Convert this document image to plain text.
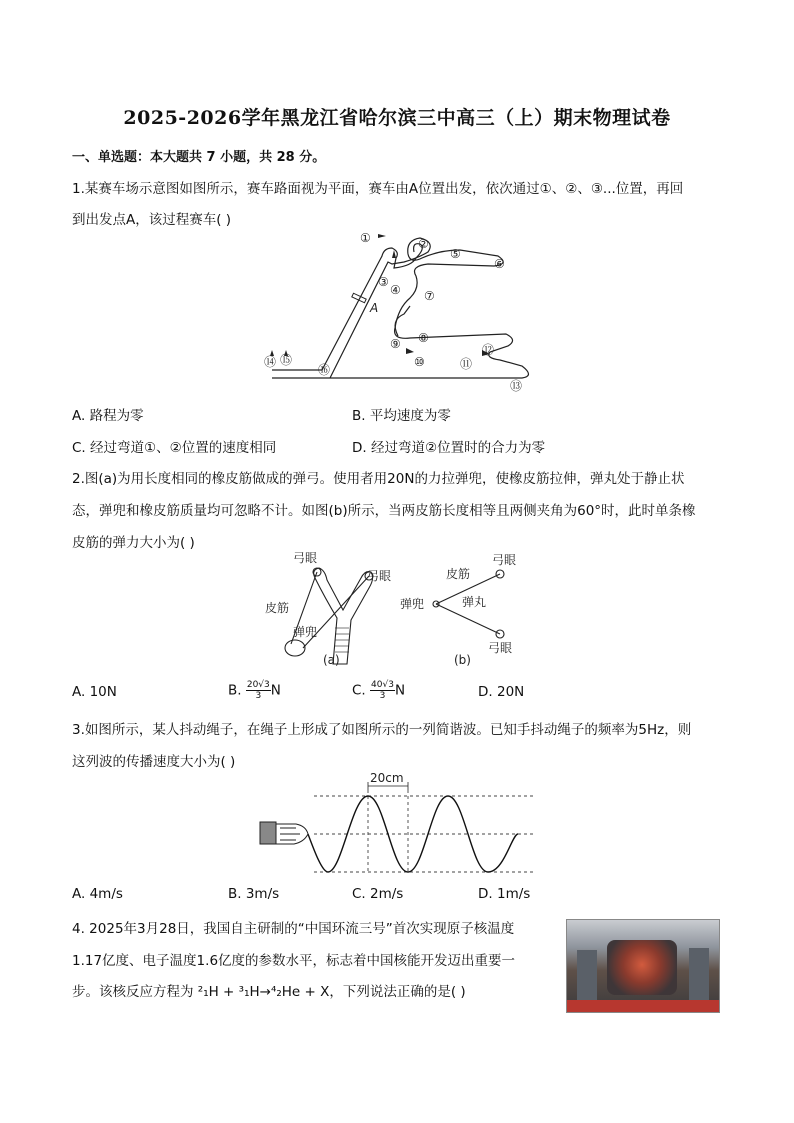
2025-2026学年黑龙江省哈尔滨三中高三（上）期末物理试卷
一、单选题：本大题共 7 小题，共 28 分。
1.某赛车场示意图如图所示，赛车路面视为平面，赛车由A位置出发，依次通过①、②、③...位置，再回
到出发点A，该过程赛车( )
①	②
③
④
⑤
⑥
⑦
⑧
⑨
⑩	⑪
⑫
⑬
⑭ ⑮
⑯
A
A. 路程为零	B. 平均速度为零
C. 经过弯道①、②位置的速度相同	D. 经过弯道②位置时的合力为零
2.图(a)为用长度相同的橡皮筋做成的弹弓。使用者用20N的力拉弹兜，使橡皮筋拉伸，弹丸处于静止状
态，弹兜和橡皮筋质量均可忽略不计。如图(b)所示，当两皮筋长度相等且两侧夹角为60°时，此时单条橡
皮筋的弹力大小为( )
弓眼
弓眼
皮筋
弹兜
(a)
弓眼
皮筋
弹兜	弹丸
弓眼
(b)
A. 10N	B. $\frac{20√3}{3}$ N	C. $\frac{40√3}{3}$ N	D. 20N
3.如图所示，某人抖动绳子，在绳子上形成了如图所示的一列简谐波。已知手抖动绳子的频率为5Hz，则
这列波的传播速度大小为( )
20cm
A. 4m/s	B. 3m/s	C. 2m/s	D. 1m/s
4. 2025年3月28日，我国自主研制的“中国环流三号”首次实现原子核温度
1.17亿度、电子温度1.6亿度的参数水平，标志着中国核能开发迈出重要一
步。该核反应方程为 ²₁H + ³₁H→⁴₂He + X，下列说法正确的是( )
